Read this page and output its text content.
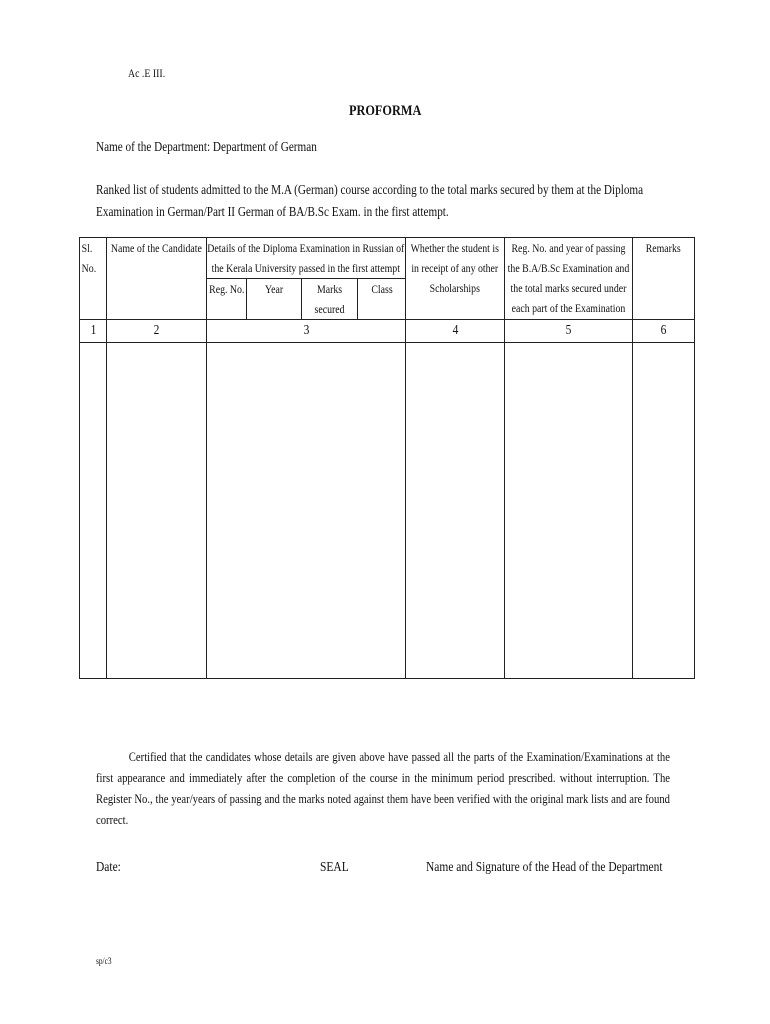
Ac .E III.
PROFORMA
Name of the Department: Department of German
Ranked list of students admitted to the M.A (German) course according to the total marks secured by them at the Diploma Examination in German/Part II German of BA/B.Sc Exam. in the first attempt.
Sl. No.	Name of the Candidate	Details of the Diploma Examination in Russian of the Kerala University passed in the first attempt				Whether the student is in receipt of any other Scholarships	Reg. No. and year of passing the B.A/B.Sc Examination and the total marks secured under each part of the Examination	Remarks

		Reg. No.	Year	Marks secured	Class			
1	2	3				4	5	6

Certified that the candidates whose details are given above have passed all the parts of the Examination/Examinations at the first appearance and immediately after the completion of the course in the minimum period prescribed. without interruption. The Register No., the year/years of passing and the marks noted against them have been verified with the original mark lists and are found correct.
Date:	SEAL	Name and Signature of the Head of the Department
sp/c3
